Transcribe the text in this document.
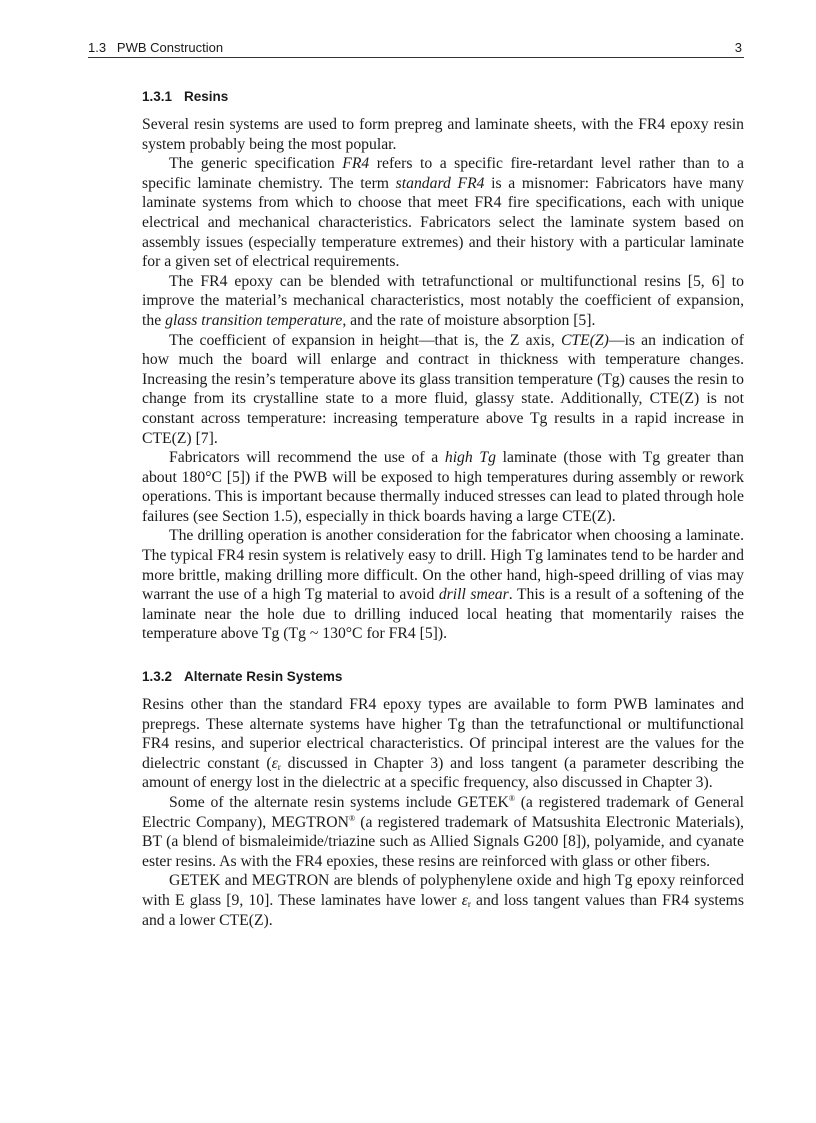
1.3   PWB Construction	3
1.3.1 Resins

Several resin systems are used to form prepreg and laminate sheets, with the FR4 epoxy resin system probably being the most popular.

The generic specification FR4 refers to a specific fire-retardant level rather than to a specific laminate chemistry. The term standard FR4 is a misnomer: Fabricators have many laminate systems from which to choose that meet FR4 fire specifications, each with unique electrical and mechanical characteristics. Fabricators select the laminate system based on assembly issues (especially temperature extremes) and their history with a particular laminate for a given set of electrical requirements.

The FR4 epoxy can be blended with tetrafunctional or multifunctional resins [5, 6] to improve the material’s mechanical characteristics, most notably the coefficient of expansion, the glass transition temperature, and the rate of moisture absorption [5].

The coefficient of expansion in height—that is, the Z axis, CTE(Z)—is an indication of how much the board will enlarge and contract in thickness with temperature changes. Increasing the resin’s temperature above its glass transition temperature (Tg) causes the resin to change from its crystalline state to a more fluid, glassy state. Additionally, CTE(Z) is not constant across temperature: increasing temperature above Tg results in a rapid increase in CTE(Z) [7].

Fabricators will recommend the use of a high Tg laminate (those with Tg greater than about 180°C [5]) if the PWB will be exposed to high temperatures during assembly or rework operations. This is important because thermally induced stresses can lead to plated through hole failures (see Section 1.5), especially in thick boards having a large CTE(Z).

The drilling operation is another consideration for the fabricator when choosing a laminate. The typical FR4 resin system is relatively easy to drill. High Tg laminates tend to be harder and more brittle, making drilling more difficult. On the other hand, high-speed drilling of vias may warrant the use of a high Tg material to avoid drill smear. This is a result of a softening of the laminate near the hole due to drilling induced local heating that momentarily raises the temperature above Tg (Tg ~ 130°C for FR4 [5]).

1.3.2 Alternate Resin Systems

Resins other than the standard FR4 epoxy types are available to form PWB laminates and prepregs. These alternate systems have higher Tg than the tetrafunctional or multifunctional FR4 resins, and superior electrical characteristics. Of principal interest are the values for the dielectric constant ($\varepsilon_r$ discussed in Chapter 3) and loss tangent (a parameter describing the amount of energy lost in the dielectric at a specific frequency, also discussed in Chapter 3).

Some of the alternate resin systems include GETEK® (a registered trademark of General Electric Company), MEGTRON® (a registered trademark of Matsushita Electronic Materials), BT (a blend of bismaleimide/triazine such as Allied Signals G200 [8]), polyamide, and cyanate ester resins. As with the FR4 epoxies, these resins are reinforced with glass or other fibers.

GETEK and MEGTRON are blends of polyphenylene oxide and high Tg epoxy reinforced with E glass [9, 10]. These laminates have lower $\varepsilon_r$ and loss tangent values than FR4 systems and a lower CTE(Z).
